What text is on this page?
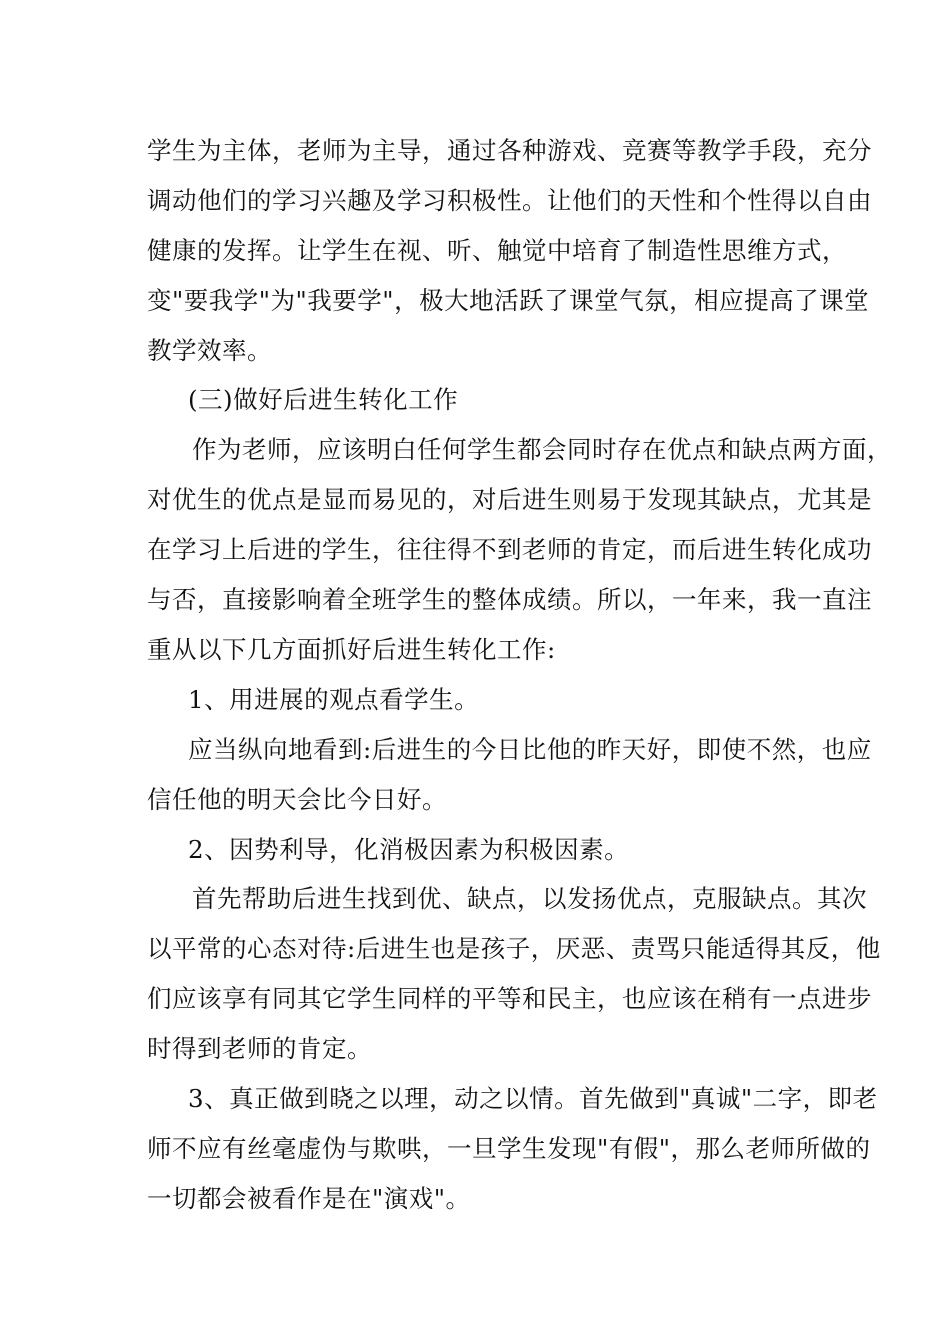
学生为主体，老师为主导，通过各种游戏、竞赛等教学手段，充分
调动他们的学习兴趣及学习积极性。让他们的天性和个性得以自由
健康的发挥。让学生在视、听、触觉中培育了制造性思维方式，
变"要我学"为"我要学"，极大地活跃了课堂气氛，相应提高了课堂
教学效率。
(三)做好后进生转化工作
作为老师，应该明白任何学生都会同时存在优点和缺点两方面，
对优生的优点是显而易见的，对后进生则易于发现其缺点，尤其是
在学习上后进的学生，往往得不到老师的肯定，而后进生转化成功
与否，直接影响着全班学生的整体成绩。所以，一年来，我一直注
重从以下几方面抓好后进生转化工作:
1、用进展的观点看学生。
应当纵向地看到:后进生的今日比他的昨天好，即使不然，也应
信任他的明天会比今日好。
2、因势利导，化消极因素为积极因素。
首先帮助后进生找到优、缺点，以发扬优点，克服缺点。其次
以平常的心态对待:后进生也是孩子，厌恶、责骂只能适得其反，他
们应该享有同其它学生同样的平等和民主，也应该在稍有一点进步
时得到老师的肯定。
3、真正做到晓之以理，动之以情。首先做到"真诚"二字，即老
师不应有丝毫虚伪与欺哄，一旦学生发现"有假"，那么老师所做的
一切都会被看作是在"演戏"。
